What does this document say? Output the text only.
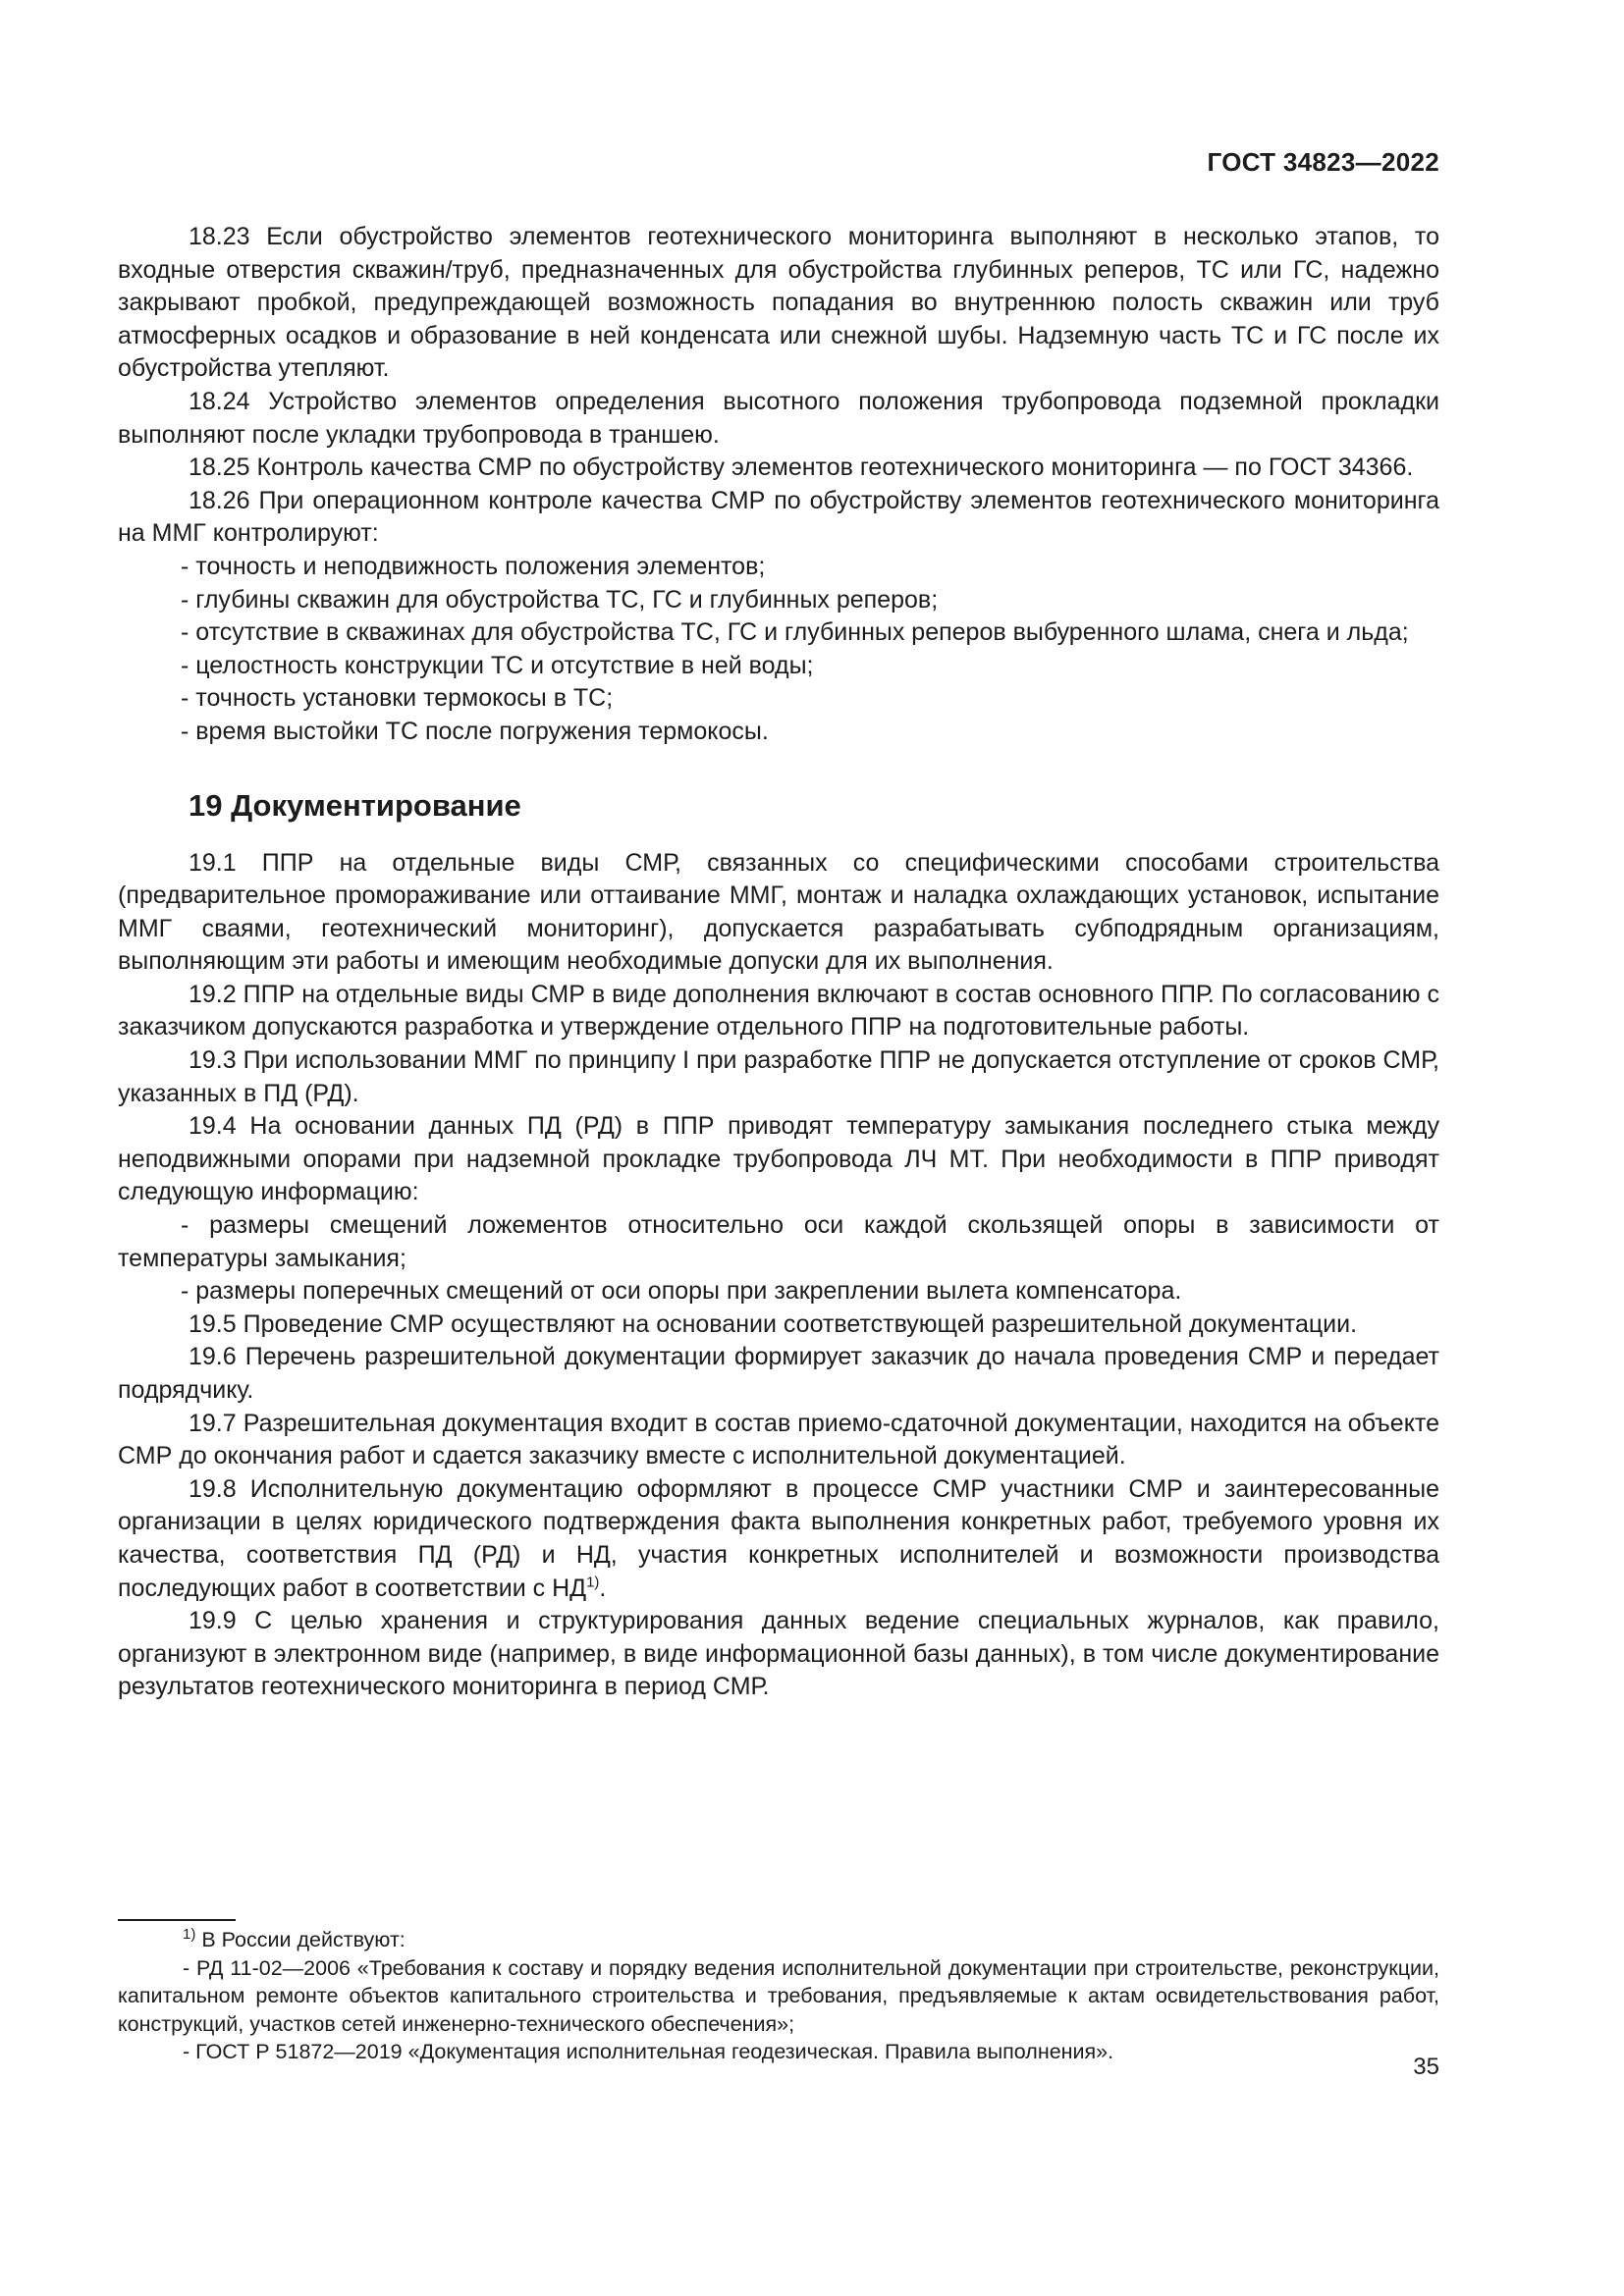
ГОСТ 34823—2022

18.23 Если обустройство элементов геотехнического мониторинга выполняют в несколько этапов, то входные отверстия скважин/труб, предназначенных для обустройства глубинных реперов, ТС или ГС, надежно закрывают пробкой, предупреждающей возможность попадания во внутреннюю полость скважин или труб атмосферных осадков и образование в ней конденсата или снежной шубы. Надземную часть ТС и ГС после их обустройства утепляют.

18.24 Устройство элементов определения высотного положения трубопровода подземной прокладки выполняют после укладки трубопровода в траншею.

18.25 Контроль качества СМР по обустройству элементов геотехнического мониторинга — по ГОСТ 34366.

18.26 При операционном контроле качества СМР по обустройству элементов геотехнического мониторинга на ММГ контролируют:

- точность и неподвижность положения элементов;

- глубины скважин для обустройства ТС, ГС и глубинных реперов;

- отсутствие в скважинах для обустройства ТС, ГС и глубинных реперов выбуренного шлама, снега и льда;

- целостность конструкции ТС и отсутствие в ней воды;

- точность установки термокосы в ТС;

- время выстойки ТС после погружения термокосы.

19 Документирование

19.1 ППР на отдельные виды СМР, связанных со специфическими способами строительства (предварительное промораживание или оттаивание ММГ, монтаж и наладка охлаждающих установок, испытание ММГ сваями, геотехнический мониторинг), допускается разрабатывать субподрядным организациям, выполняющим эти работы и имеющим необходимые допуски для их выполнения.

19.2 ППР на отдельные виды СМР в виде дополнения включают в состав основного ППР. По согласованию с заказчиком допускаются разработка и утверждение отдельного ППР на подготовительные работы.

19.3 При использовании ММГ по принципу I при разработке ППР не допускается отступление от сроков СМР, указанных в ПД (РД).

19.4 На основании данных ПД (РД) в ППР приводят температуру замыкания последнего стыка между неподвижными опорами при надземной прокладке трубопровода ЛЧ МТ. При необходимости в ППР приводят следующую информацию:

- размеры смещений ложементов относительно оси каждой скользящей опоры в зависимости от температуры замыкания;

- размеры поперечных смещений от оси опоры при закреплении вылета компенсатора.

19.5 Проведение СМР осуществляют на основании соответствующей разрешительной документации.

19.6 Перечень разрешительной документации формирует заказчик до начала проведения СМР и передает подрядчику.

19.7 Разрешительная документация входит в состав приемо-сдаточной документации, находится на объекте СМР до окончания работ и сдается заказчику вместе с исполнительной документацией.

19.8 Исполнительную документацию оформляют в процессе СМР участники СМР и заинтересованные организации в целях юридического подтверждения факта выполнения конкретных работ, требуемого уровня их качества, соответствия ПД (РД) и НД, участия конкретных исполнителей и возможности производства последующих работ в соответствии с НД$^{1)}$.

19.9 С целью хранения и структурирования данных ведение специальных журналов, как правило, организуют в электронном виде (например, в виде информационной базы данных), в том числе документирование результатов геотехнического мониторинга в период СМР.

$^{1)}$ В России действуют:

- РД 11-02—2006 «Требования к составу и порядку ведения исполнительной документации при строительстве, реконструкции, капитальном ремонте объектов капитального строительства и требования, предъявляемые к актам освидетельствования работ, конструкций, участков сетей инженерно-технического обеспечения»;

- ГОСТ Р 51872—2019 «Документация исполнительная геодезическая. Правила выполнения».

35
